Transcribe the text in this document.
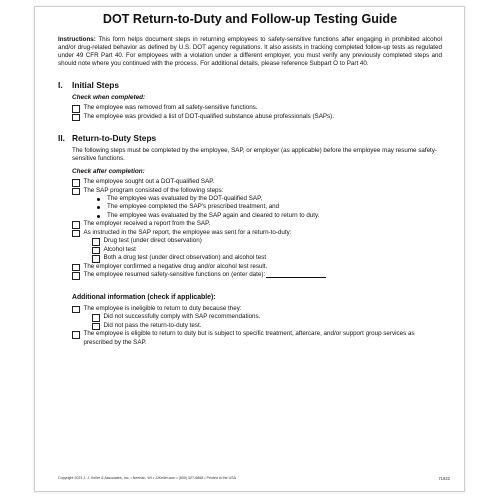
DOT Return-to-Duty and Follow-up Testing Guide

Instructions: This form helps document steps in returning employees to safety-sensitive functions after engaging in prohibited alcohol and/or drug-related behavior as defined by U.S. DOT agency regulations. It also assists in tracking completed follow-up tests as regulated under 49 CFR Part 40. For employees with a violation under a different employer, you must verify any previously completed steps and should note where you continued with the process. For additional details, please reference Subpart O to Part 40.

I.	Initial Steps
Check when completed:
The employee was removed from all safety-sensitive functions.
The employee was provided a list of DOT-qualified substance abuse professionals (SAPs).
II. Return-to-Duty Steps
The following steps must be completed by the employee, SAP, or employer (as applicable) before the employee may resume safety-sensitive functions.
Check after completion:
The employee sought out a DOT-qualified SAP.
The SAP program consisted of the following steps:
The employee was evaluated by the DOT-qualified SAP,
The employee completed the SAP's prescribed treatment, and
The employee was evaluated by the SAP again and cleared to return to duty.
The employer received a report from the SAP.
As instructed in the SAP report, the employee was sent for a return-to-duty:
Drug test (under direct observation)
Alcohol test
Both a drug test (under direct observation) and alcohol test
The employer confirmed a negative drug and/or alcohol test result.
The employee resumed safety-sensitive functions on (enter date):
Additional information (check if applicable):
The employee is ineligible to return to duty because they:
Did not successfully comply with SAP recommendations.
Did not pass the return-to-duty test.
The employee is eligible to return to duty but is subject to specific treatment, aftercare, and/or support group services as prescribed by the SAP.
Copyright 2023 J. J. Keller & Associates, Inc. • Neenah, WI • JJKeller.com • (800) 327-6868 • Printed in the USA	71922
